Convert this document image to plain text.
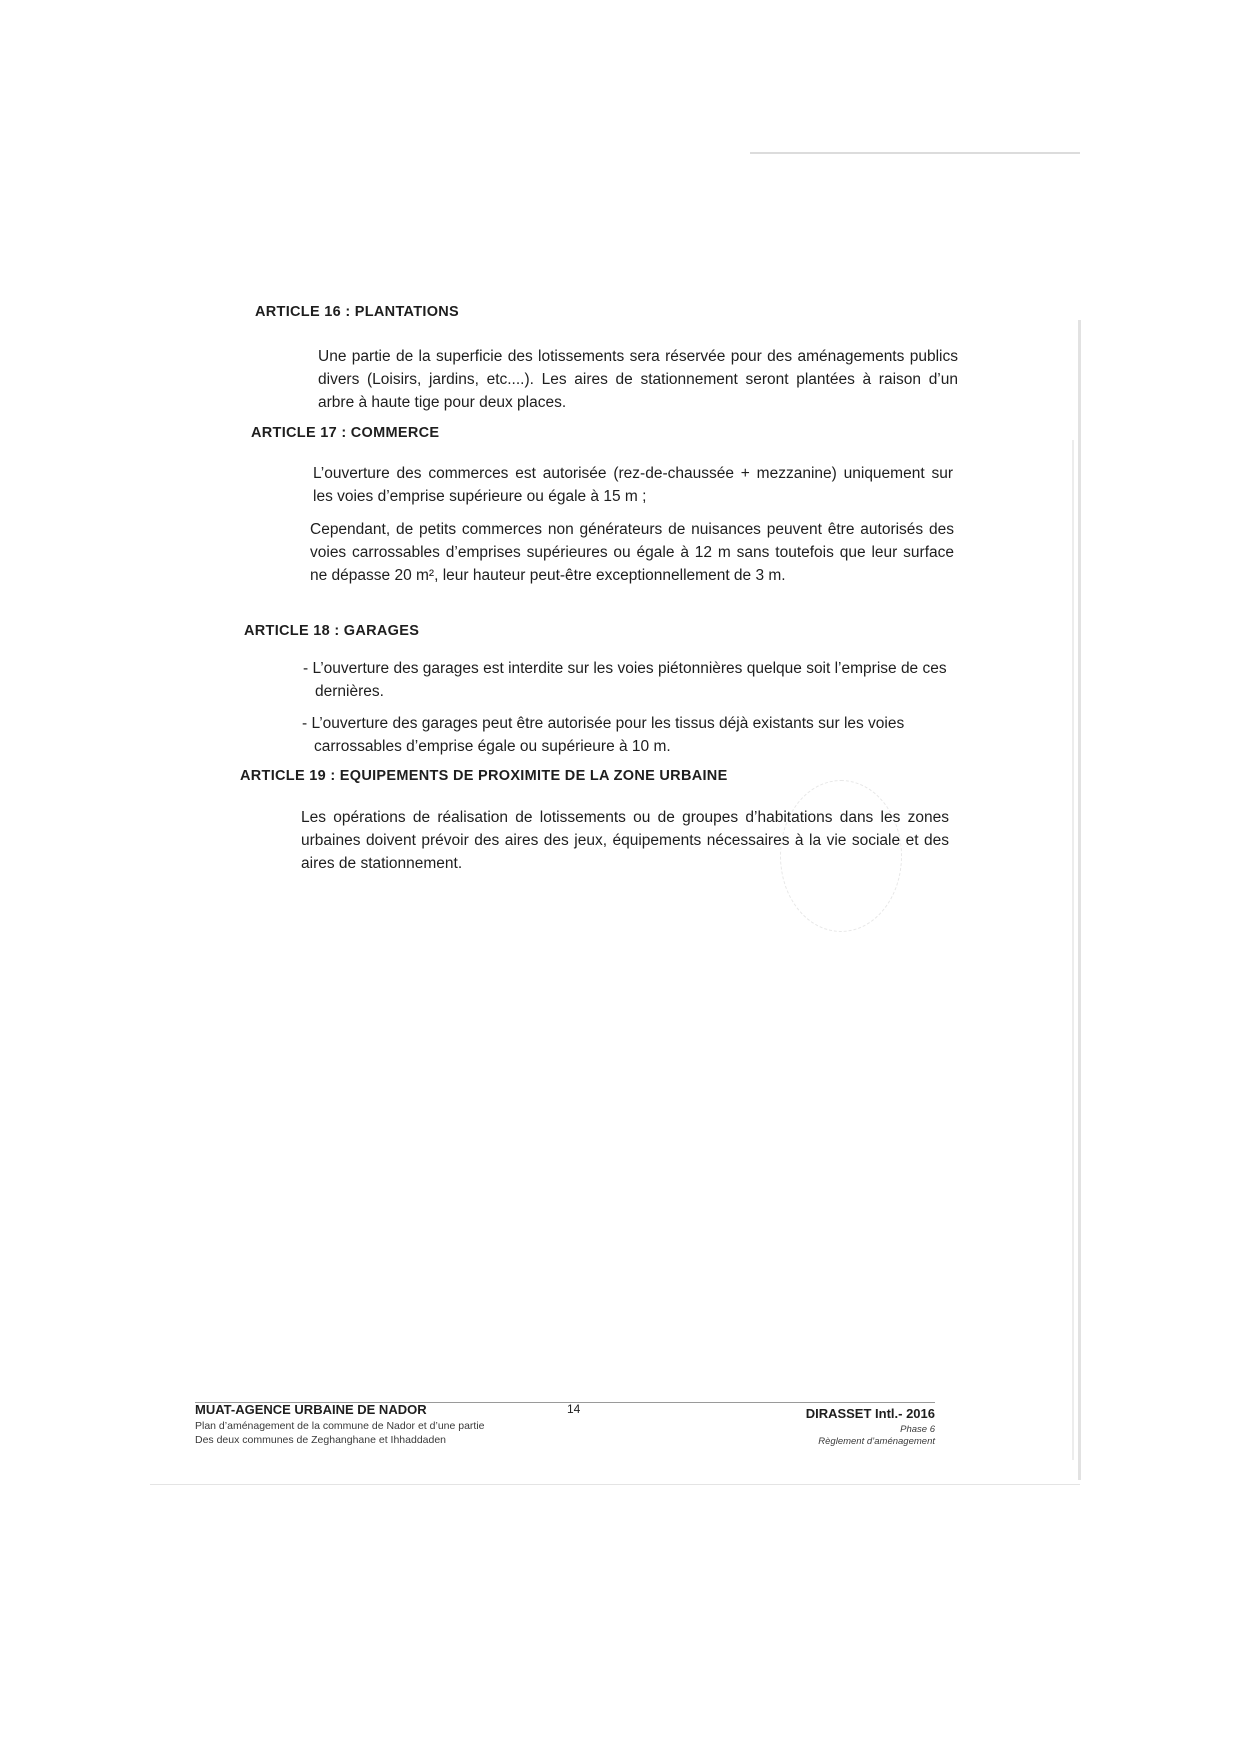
ARTICLE 16 : PLANTATIONS

Une partie de la superficie des lotissements sera réservée pour des aménagements publics divers (Loisirs, jardins, etc....). Les aires de stationnement seront plantées à raison d’un arbre à haute tige pour deux places.

ARTICLE 17 : COMMERCE

L’ouverture des commerces est autorisée (rez-de-chaussée + mezzanine) uniquement sur les voies d’emprise supérieure ou égale à 15 m ;

Cependant, de petits commerces non générateurs de nuisances peuvent être autorisés des voies carrossables d’emprises supérieures ou égale à 12 m sans toutefois que leur surface ne dépasse 20 m², leur hauteur peut-être exceptionnellement de 3 m.

ARTICLE 18 : GARAGES
- L’ouverture des garages est interdite sur les voies piétonnières quelque soit l’emprise de ces dernières.
- L’ouverture des garages peut être autorisée pour les tissus déjà existants sur les voies carrossables d’emprise égale ou supérieure à 10 m.
ARTICLE 19 : EQUIPEMENTS DE PROXIMITE DE LA ZONE URBAINE

Les opérations de réalisation de lotissements ou de groupes d’habitations dans les zones urbaines doivent prévoir des aires des jeux, équipements nécessaires à la vie sociale et des aires de stationnement.

MUAT-AGENCE URBAINE DE NADOR
Plan d’aménagement de la commune de Nador et d’une partie
Des deux communes de Zeghanghane et Ihhaddaden
14	DIRASSET Intl.- 2016
Phase 6
Règlement d’aménagement
